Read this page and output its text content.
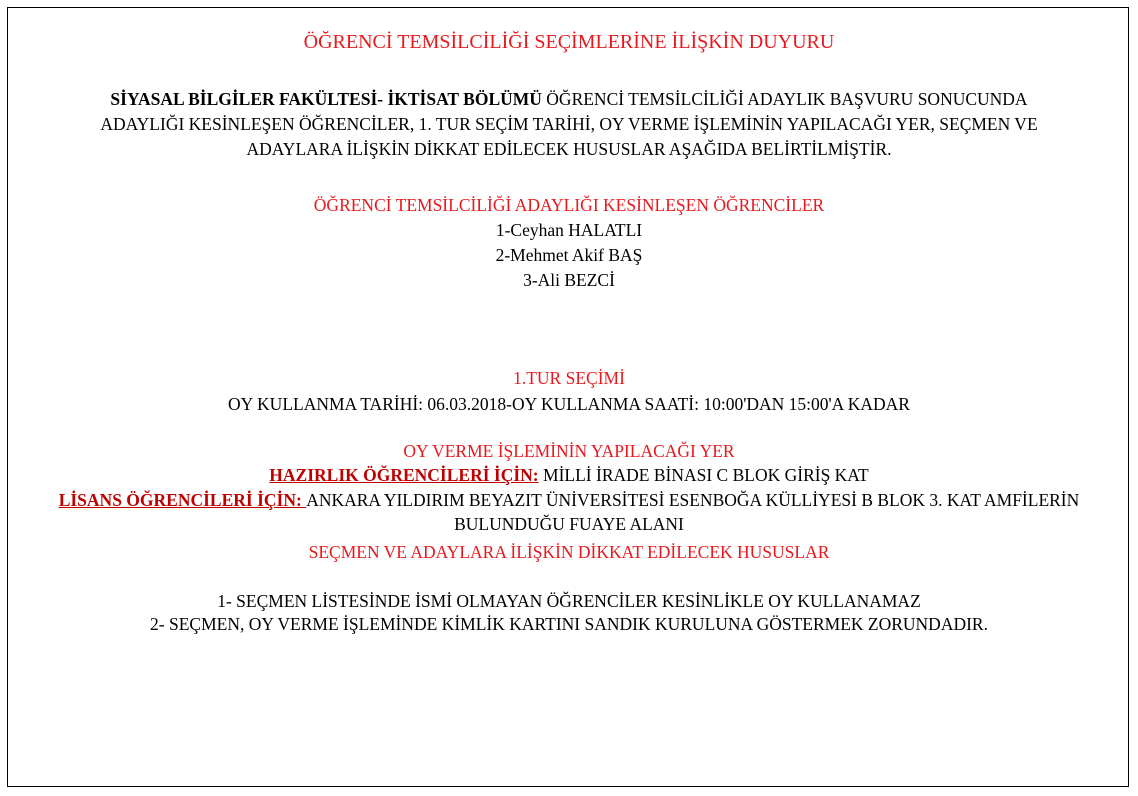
ÖĞRENCİ TEMSİLCİLİĞİ SEÇİMLERİNE İLİŞKİN DUYURU
SİYASAL BİLGİLER FAKÜLTESİ- İKTİSAT BÖLÜMÜ ÖĞRENCİ TEMSİLCİLİĞİ ADAYLIK BAŞVURU SONUCUNDA
ADAYLIĞI KESİNLEŞEN ÖĞRENCİLER, 1. TUR SEÇİM TARİHİ, OY VERME İŞLEMİNİN YAPILACAĞI YER, SEÇMEN VE
ADAYLARA İLİŞKİN DİKKAT EDİLECEK HUSUSLAR AŞAĞIDA BELİRTİLMİŞTİR.
ÖĞRENCİ TEMSİLCİLİĞİ ADAYLIĞI KESİNLEŞEN ÖĞRENCİLER
1-Ceyhan HALATLI
2-Mehmet Akif BAŞ
3-Ali BEZCİ
1.TUR SEÇİMİ
OY KULLANMA TARİHİ: 06.03.2018-OY KULLANMA SAATİ: 10:00'DAN 15:00'A KADAR
OY VERME İŞLEMİNİN YAPILACAĞI YER
HAZIRLIK ÖĞRENCİLERİ İÇİN: MİLLİ İRADE BİNASI C BLOK GİRİŞ KAT
LİSANS ÖĞRENCİLERİ İÇİN: ANKARA YILDIRIM BEYAZIT ÜNİVERSİTESİ ESENBOĞA KÜLLİYESİ B BLOK 3. KAT AMFİLERİN
BULUNDUĞU FUAYE ALANI
SEÇMEN VE ADAYLARA İLİŞKİN DİKKAT EDİLECEK HUSUSLAR
1- SEÇMEN LİSTESİNDE İSMİ OLMAYAN ÖĞRENCİLER KESİNLİKLE OY KULLANAMAZ
2- SEÇMEN, OY VERME İŞLEMİNDE KİMLİK KARTINI SANDIK KURULUNA GÖSTERMEK ZORUNDADIR.
